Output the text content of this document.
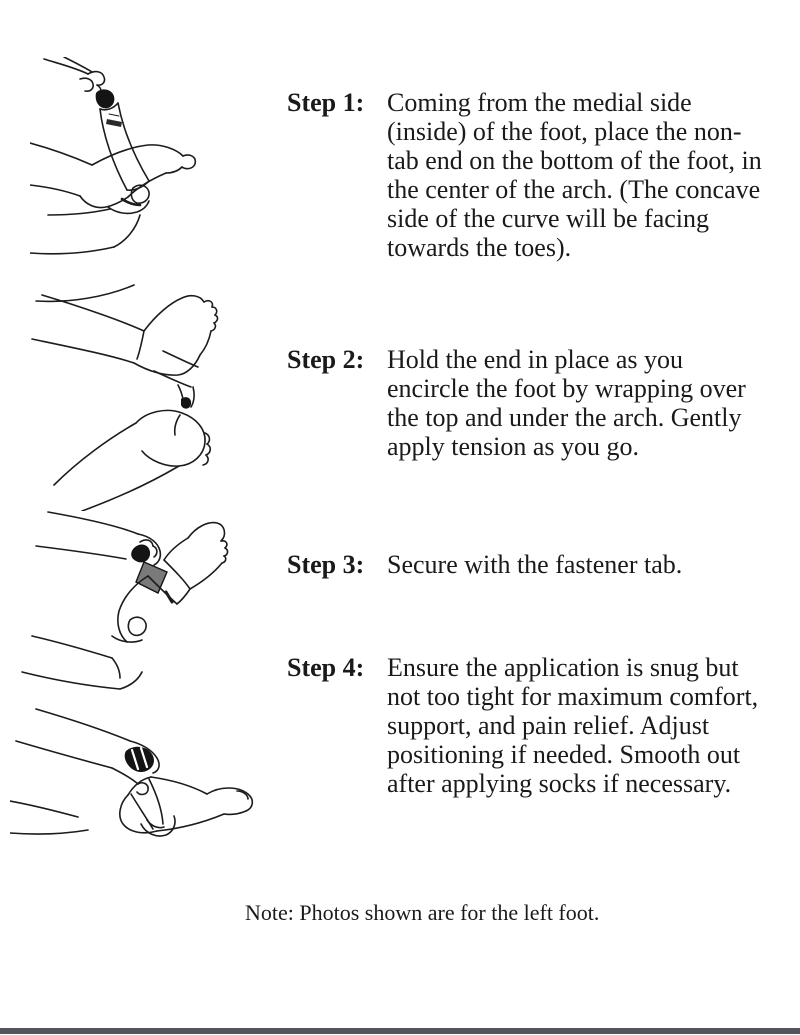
Step 1: Coming from the medial side (inside) of the foot, place the non-tab end on the bottom of the foot, in the center of the arch. (The concave side of the curve will be facing towards the toes).
Step 2: Hold the end in place as you encircle the foot by wrapping over the top and under the arch. Gently apply tension as you go.
Step 3: Secure with the fastener tab.
Step 4: Ensure the application is snug but not too tight for maximum comfort, support, and pain relief. Adjust positioning if needed. Smooth out after applying socks if necessary.
Note: Photos shown are for the left foot.
